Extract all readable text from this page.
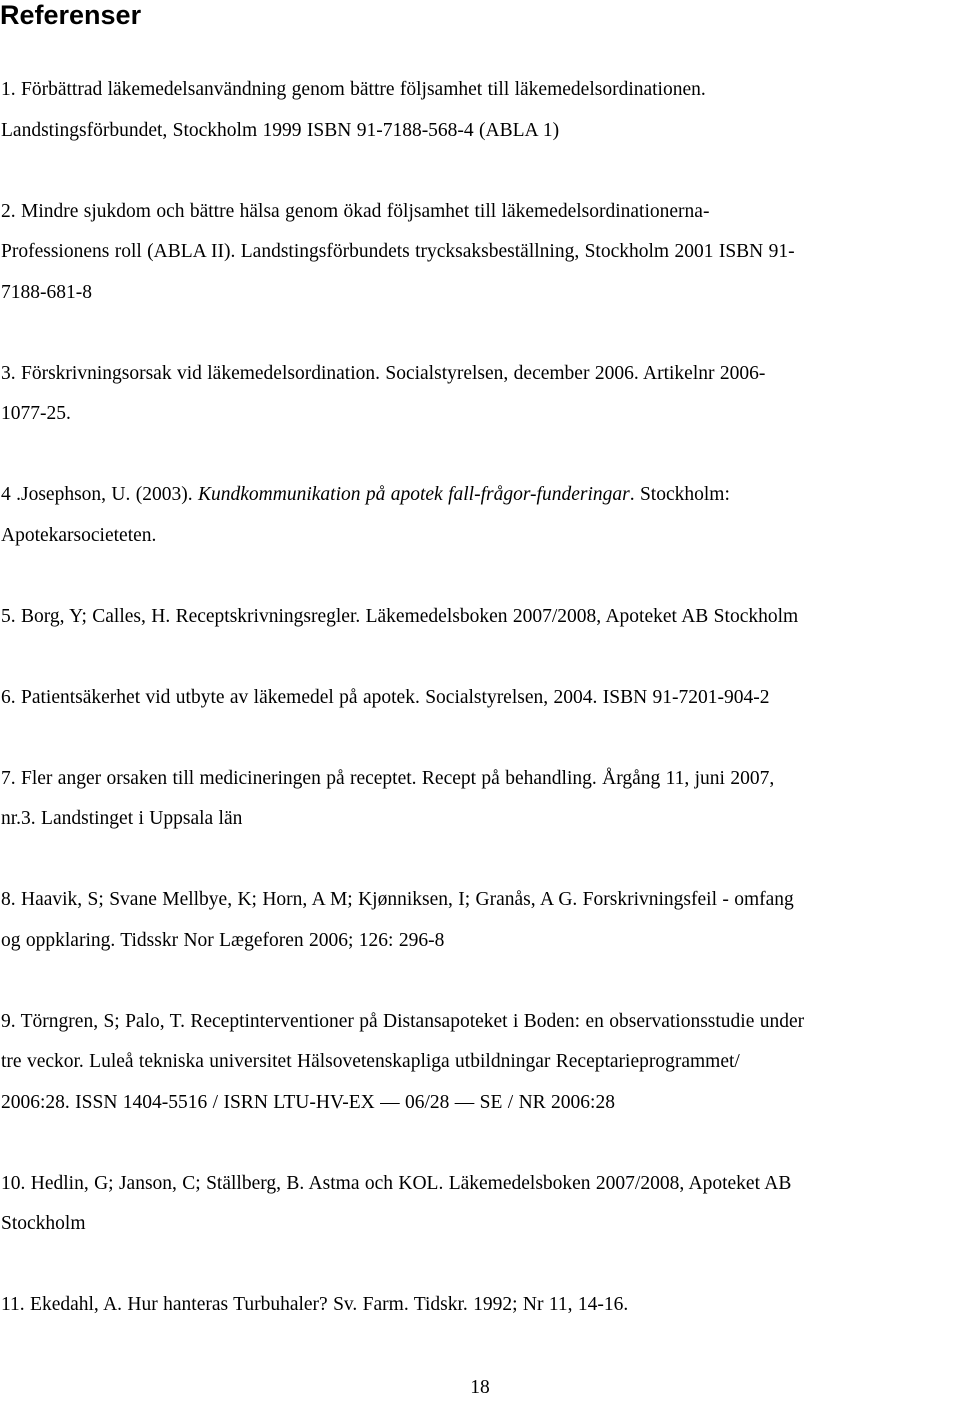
Referenser
1. Förbättrad läkemedelsanvändning genom bättre följsamhet till läkemedelsordinationen.
Landstingsförbundet, Stockholm 1999 ISBN 91-7188-568-4 (ABLA 1)
2. Mindre sjukdom och bättre hälsa genom ökad följsamhet till läkemedelsordinationerna-
Professionens roll (ABLA II). Landstingsförbundets trycksaksbeställning, Stockholm 2001 ISBN 91-
7188-681-8
3. Förskrivningsorsak vid läkemedelsordination. Socialstyrelsen, december 2006. Artikelnr 2006-
1077-25.
4 .Josephson, U. (2003). Kundkommunikation på apotek fall-frågor-funderingar. Stockholm:
Apotekarsocieteten.
5. Borg, Y; Calles, H. Receptskrivningsregler. Läkemedelsboken 2007/2008, Apoteket AB Stockholm
6. Patientsäkerhet vid utbyte av läkemedel på apotek. Socialstyrelsen, 2004. ISBN 91-7201-904-2
7. Fler anger orsaken till medicineringen på receptet. Recept på behandling. Årgång 11, juni 2007,
nr.3. Landstinget i Uppsala län
8. Haavik, S; Svane Mellbye, K; Horn, A M; Kjønniksen, I; Granås, A G. Forskrivningsfeil - omfang
og oppklaring. Tidsskr Nor Lægeforen 2006; 126: 296-8
9. Törngren, S; Palo, T. Receptinterventioner på Distansapoteket i Boden: en observationsstudie under
tre veckor. Luleå tekniska universitet Hälsovetenskapliga utbildningar Receptarieprogrammet/
2006:28. ISSN 1404-5516 / ISRN LTU-HV-EX — 06/28 — SE / NR 2006:28
10. Hedlin, G; Janson, C; Ställberg, B. Astma och KOL. Läkemedelsboken 2007/2008, Apoteket AB
Stockholm
11. Ekedahl, A. Hur hanteras Turbuhaler? Sv. Farm. Tidskr. 1992; Nr 11, 14-16.
18
